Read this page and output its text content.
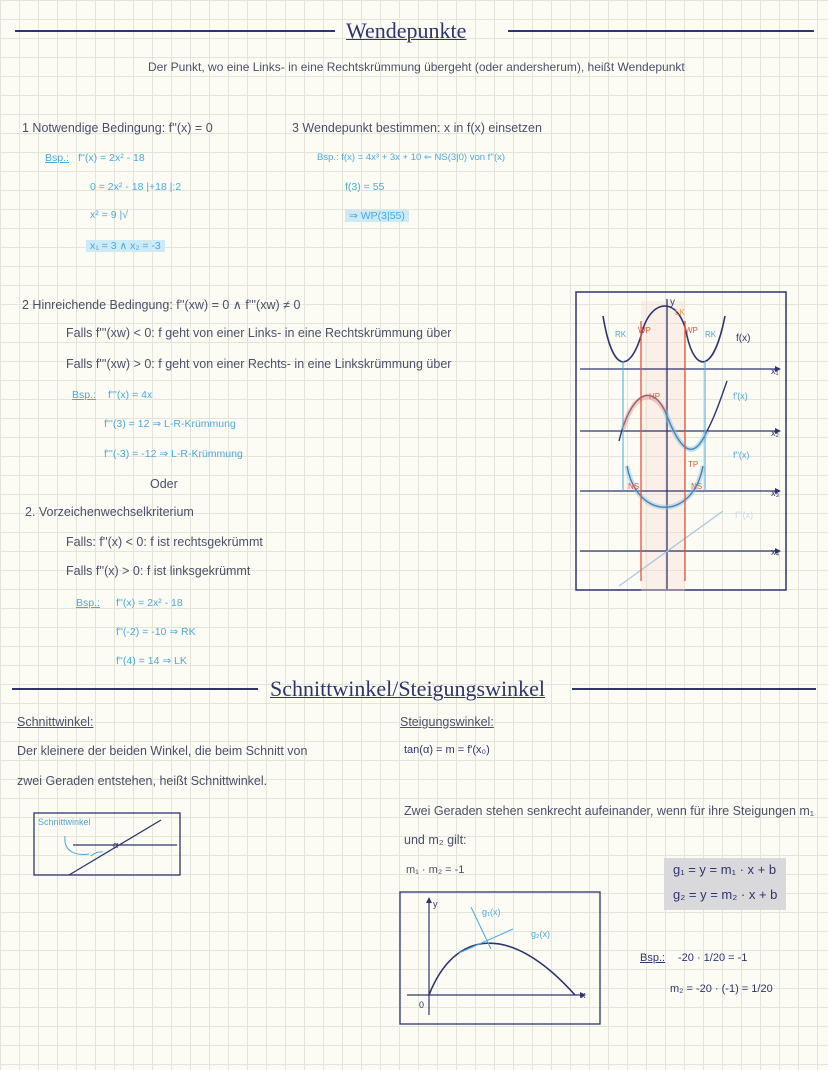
Wendepunkte
Der Punkt, wo eine Links- in eine Rechtskrümmung übergeht (oder andersherum), heißt Wendepunkt
1 Notwendige Bedingung: f''(x) = 0
Bsp.: f''(x) = 2x² - 18
0 = 2x² - 18 |+18 |:2
x² = 9 |√
x₁ = 3 ∧ x₂ = -3
3 Wendepunkt bestimmen: x in f(x) einsetzen
Bsp.: f(x) = 4x³ + 3x + 10 ⇐ NS(3|0) von f''(x)
f(3) = 55
⇒ WP(3|55)
2 Hinreichende Bedingung: f''(xw) = 0 ∧ f'''(xw) ≠ 0
Falls f'''(xw) < 0: f geht von einer Links- in eine Rechtskrümmung über
Falls f'''(xw) > 0: f geht von einer Rechts- in eine Linkskrümmung über
Bsp.: f'''(x) = 4x
f'''(3) = 12 ⇒ L-R-Krümmung
f'''(-3) = -12 ⇒ L-R-Krümmung
Oder
2. Vorzeichenwechselkriterium
Falls: f''(x) < 0: f ist rechtsgekrümmt
Falls f''(x) > 0: f ist linksgekrümmt
Bsp.: f''(x) = 2x² - 18
f''(-2) = -10 ⇒ RK
f''(4) = 14 ⇒ LK
y
f(x)
x₁
x₂
x₃
x₄
f'(x)
f''(x)
f'''(x)
RK	RK
LK
WP	WP
HP
TP
NS	NS
Schnittwinkel/Steigungswinkel
Schnittwinkel:
Der kleinere der beiden Winkel, die beim Schnitt von
zwei Geraden entstehen, heißt Schnittwinkel.
Schnittwinkel
α
Steigungswinkel:
tan(α) = m = f'(x₀)
Zwei Geraden stehen senkrecht aufeinander, wenn für ihre Steigungen m₁
und m₂ gilt:
m₁ · m₂ = -1	g₁ = y = m₁ · x + b
g₂ = y = m₂ · x + b
Bsp.: -20 · 1/20 = -1
m₂ = -20 · (-1) = 1/20
y
x
0
g₁(x)
g₂(x)
